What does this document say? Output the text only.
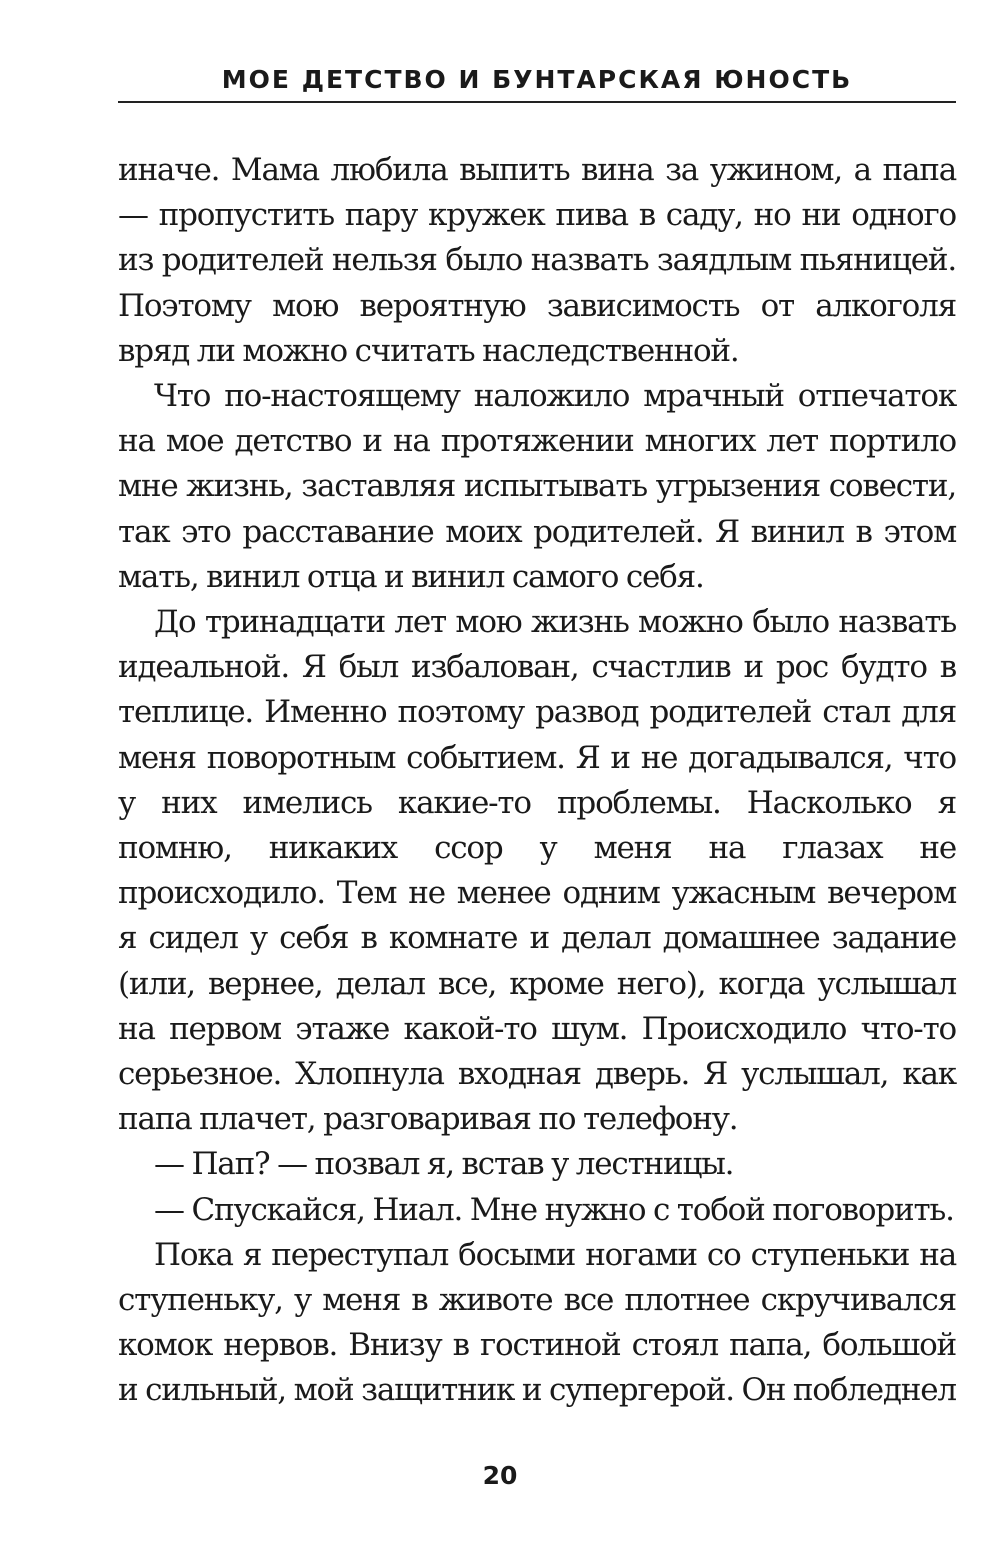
МОЕ ДЕТСТВО И БУНТАРСКАЯ ЮНОСТЬ

иначе. Мама любила выпить вина за ужином, а папа — пропустить пару кружек пива в саду, но ни одного из родителей нельзя было назвать заядлым пьяницей. Поэтому мою вероятную зависимость от алкоголя вряд ли можно считать наследственной.

Что по-настоящему наложило мрачный отпечаток на мое детство и на протяжении многих лет портило мне жизнь, заставляя испытывать угрызения совести, так это расставание моих родителей. Я винил в этом мать, винил отца и винил самого себя.

До тринадцати лет мою жизнь можно было назвать идеальной. Я был избалован, счастлив и рос будто в теплице. Именно поэтому развод родителей стал для меня поворотным событием. Я и не догадывался, что у них имелись какие-то проблемы. Насколько я помню, никаких ссор у меня на глазах не происходило. Тем не менее одним ужасным вечером я сидел у себя в комнате и делал домашнее задание (или, вернее, делал все, кроме него), когда услышал на первом этаже какой-то шум. Происходило что-то серьезное. Хлопнула входная дверь. Я услышал, как папа плачет, разговаривая по телефону.

— Пап? — позвал я, встав у лестницы.

— Спускайся, Ниал. Мне нужно с тобой поговорить.

Пока я переступал босыми ногами со ступеньки на ступеньку, у меня в животе все плотнее скручивался комок нервов. Внизу в гостиной стоял папа, большой и сильный, мой защитник и супергерой. Он побледнел

20
